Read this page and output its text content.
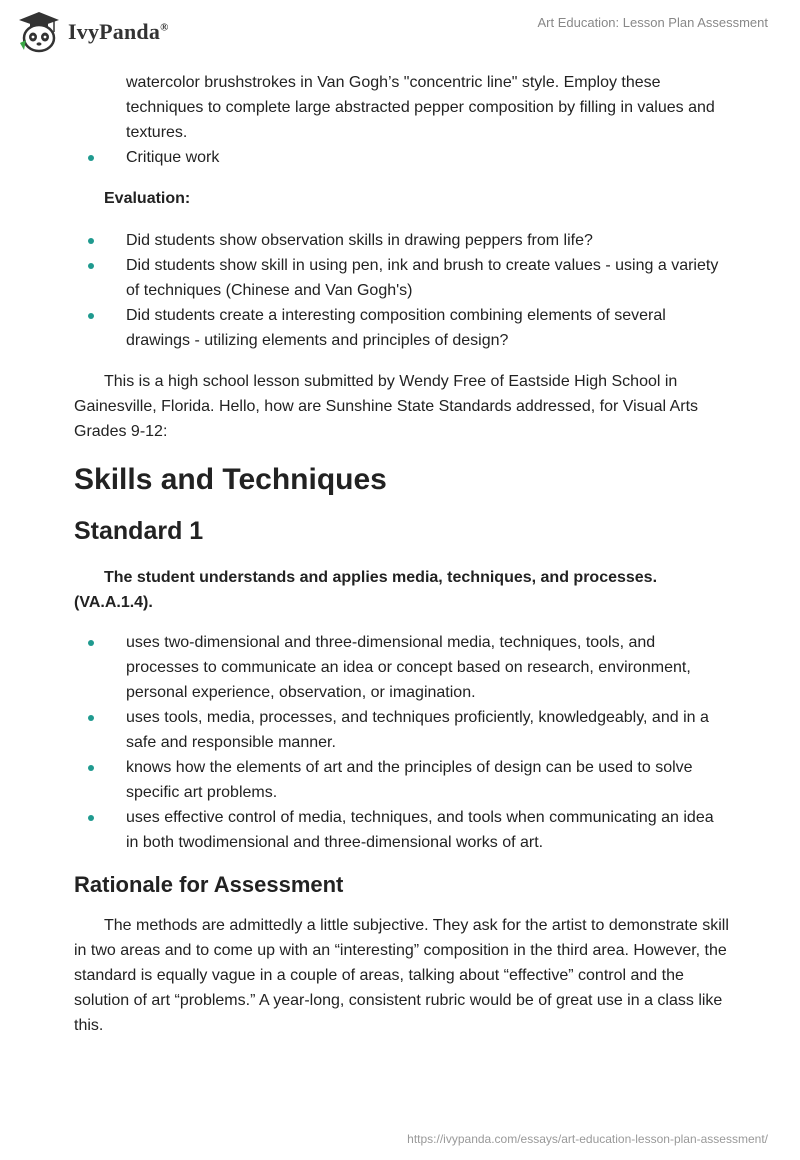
IvyPanda®	Art Education: Lesson Plan Assessment
watercolor brushstrokes in Van Gogh’s "concentric line" style. Employ these techniques to complete large abstracted pepper composition by filling in values and textures.
Critique work
Evaluation:
Did students show observation skills in drawing peppers from life?
Did students show skill in using pen, ink and brush to create values - using a variety of techniques (Chinese and Van Gogh's)
Did students create a interesting composition combining elements of several drawings - utilizing elements and principles of design?

This is a high school lesson submitted by Wendy Free of Eastside High School in Gainesville, Florida. Hello, how are Sunshine State Standards addressed, for Visual Arts Grades 9-12:

Skills and Techniques
Standard 1

The student understands and applies media, techniques, and processes. (VA.A.1.4).

uses two-dimensional and three-dimensional media, techniques, tools, and processes to communicate an idea or concept based on research, environment, personal experience, observation, or imagination.
uses tools, media, processes, and techniques proficiently, knowledgeably, and in a safe and responsible manner.
knows how the elements of art and the principles of design can be used to solve specific art problems.
uses effective control of media, techniques, and tools when communicating an idea in both twodimensional and three-dimensional works of art.
Rationale for Assessment

The methods are admittedly a little subjective. They ask for the artist to demonstrate skill in two areas and to come up with an “interesting” composition in the third area. However, the standard is equally vague in a couple of areas, talking about “effective” control and the solution of art “problems.” A year-long, consistent rubric would be of great use in a class like this.

https://ivypanda.com/essays/art-education-lesson-plan-assessment/
